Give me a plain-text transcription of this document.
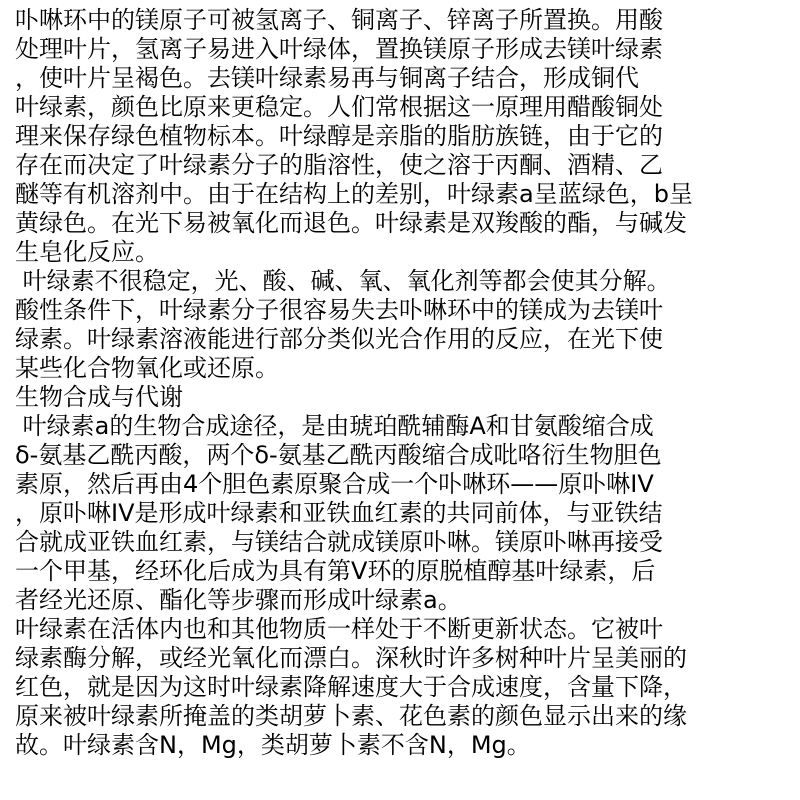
卟啉环中的镁原子可被氢离子、铜离子、锌离子所置换。用酸
处理叶片，氢离子易进入叶绿体，置换镁原子形成去镁叶绿素
，使叶片呈褐色。去镁叶绿素易再与铜离子结合，形成铜代
叶绿素，颜色比原来更稳定。人们常根据这一原理用醋酸铜处
理来保存绿色植物标本。叶绿醇是亲脂的脂肪族链，由于它的
存在而决定了叶绿素分子的脂溶性，使之溶于丙酮、酒精、乙
醚等有机溶剂中。由于在结构上的差别，叶绿素a呈蓝绿色，b呈
黄绿色。在光下易被氧化而退色。叶绿素是双羧酸的酯，与碱发
生皂化反应。
叶绿素不很稳定，光、酸、碱、氧、氧化剂等都会使其分解。
酸性条件下，叶绿素分子很容易失去卟啉环中的镁成为去镁叶
绿素。叶绿素溶液能进行部分类似光合作用的反应，在光下使
某些化合物氧化或还原。
生物合成与代谢
叶绿素a的生物合成途径，是由琥珀酰辅酶A和甘氨酸缩合成
δ-氨基乙酰丙酸，两个δ-氨基乙酰丙酸缩合成吡咯衍生物胆色
素原，然后再由4个胆色素原聚合成一个卟啉环——原卟啉IV
，原卟啉IV是形成叶绿素和亚铁血红素的共同前体，与亚铁结
合就成亚铁血红素，与镁结合就成镁原卟啉。镁原卟啉再接受
一个甲基，经环化后成为具有第Ⅴ环的原脱植醇基叶绿素，后
者经光还原、酯化等步骤而形成叶绿素a。
叶绿素在活体内也和其他物质一样处于不断更新状态。它被叶
绿素酶分解，或经光氧化而漂白。深秋时许多树种叶片呈美丽的
红色，就是因为这时叶绿素降解速度大于合成速度，含量下降，
原来被叶绿素所掩盖的类胡萝卜素、花色素的颜色显示出来的缘
故。叶绿素含N，Mg，类胡萝卜素不含N，Mg。
